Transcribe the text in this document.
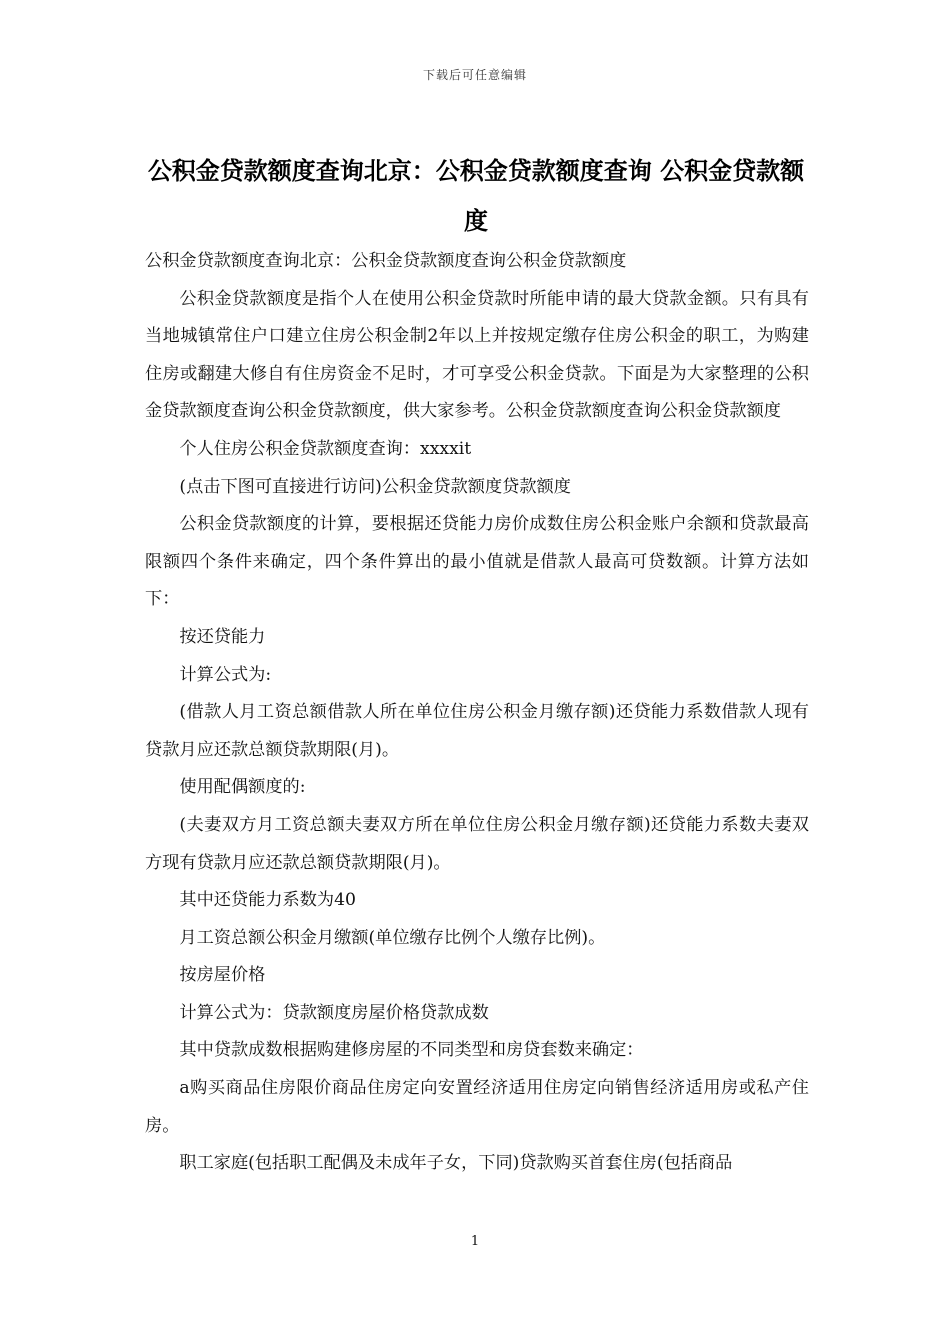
下载后可任意编辑
公积金贷款额度查询北京：公积金贷款额度查询 公积金贷款额度

公积金贷款额度查询北京：公积金贷款额度查询公积金贷款额度

公积金贷款额度是指个人在使用公积金贷款时所能申请的最大贷款金额。只有具有当地城镇常住户口建立住房公积金制2年以上并按规定缴存住房公积金的职工，为购建住房或翻建大修自有住房资金不足时，才可享受公积金贷款。下面是为大家整理的公积金贷款额度查询公积金贷款额度，供大家参考。公积金贷款额度查询公积金贷款额度

个人住房公积金贷款额度查询：xxxxit

(点击下图可直接进行访问)公积金贷款额度贷款额度

公积金贷款额度的计算，要根据还贷能力房价成数住房公积金账户余额和贷款最高限额四个条件来确定，四个条件算出的最小值就是借款人最高可贷数额。计算方法如下：

按还贷能力

计算公式为:

(借款人月工资总额借款人所在单位住房公积金月缴存额)还贷能力系数借款人现有贷款月应还款总额贷款期限(月)。

使用配偶额度的:

(夫妻双方月工资总额夫妻双方所在单位住房公积金月缴存额)还贷能力系数夫妻双方现有贷款月应还款总额贷款期限(月)。

其中还贷能力系数为40

月工资总额公积金月缴额(单位缴存比例个人缴存比例)。

按房屋价格

计算公式为：贷款额度房屋价格贷款成数

其中贷款成数根据购建修房屋的不同类型和房贷套数来确定：

a购买商品住房限价商品住房定向安置经济适用住房定向销售经济适用房或私产住房。

职工家庭(包括职工配偶及未成年子女，下同)贷款购买首套住房(包括商品

1
